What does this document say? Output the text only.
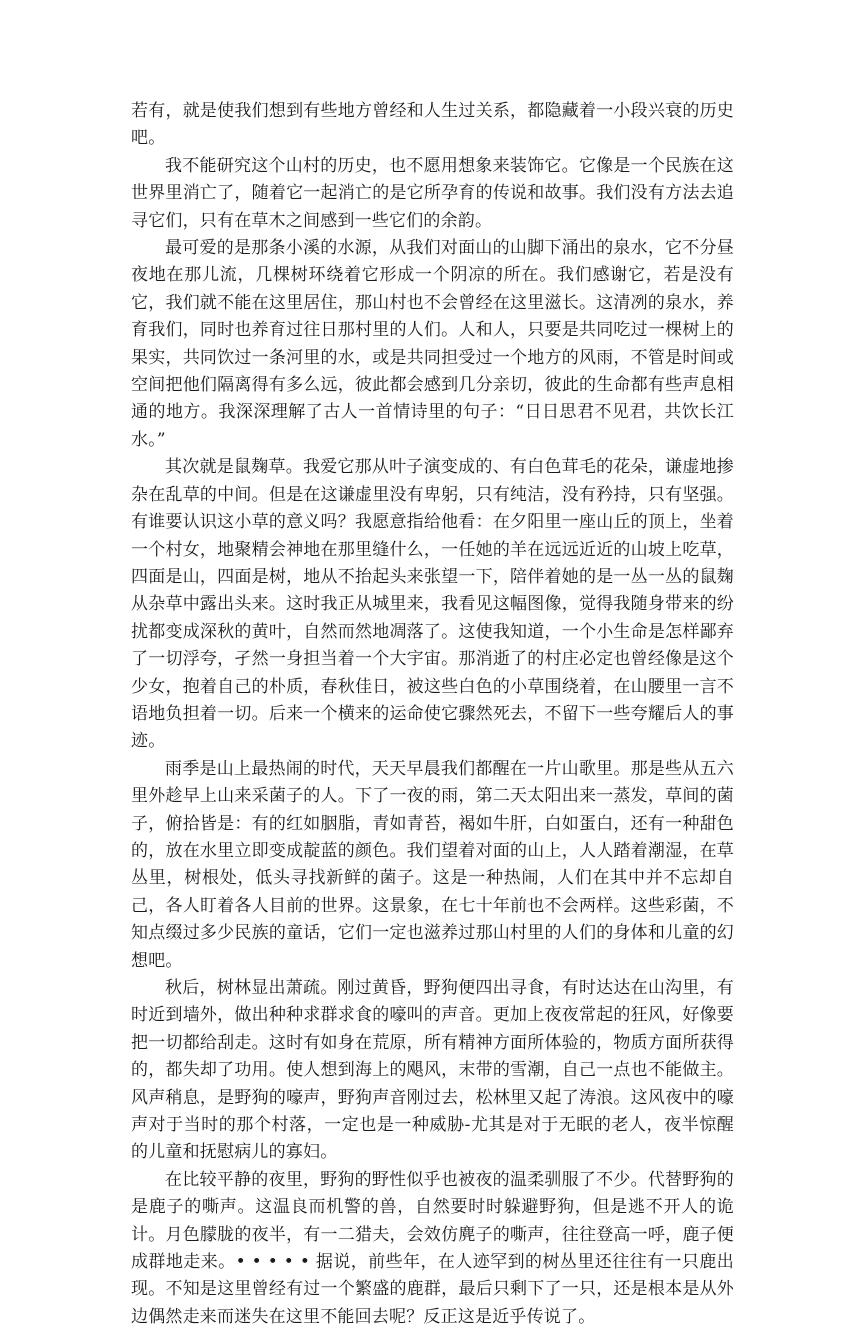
若有，就是使我们想到有些地方曾经和人生过关系，都隐藏着一小段兴衰的历史吧。

我不能研究这个山村的历史，也不愿用想象来装饰它。它像是一个民族在这世界里消亡了，随着它一起消亡的是它所孕育的传说和故事。我们没有方法去追寻它们，只有在草木之间感到一些它们的余韵。

最可爱的是那条小溪的水源，从我们对面山的山脚下涌出的泉水，它不分昼夜地在那儿流，几棵树环绕着它形成一个阴凉的所在。我们感谢它，若是没有它，我们就不能在这里居住，那山村也不会曾经在这里滋长。这清冽的泉水，养育我们，同时也养育过往日那村里的人们。人和人，只要是共同吃过一棵树上的果实，共同饮过一条河里的水，或是共同担受过一个地方的风雨，不管是时间或空间把他们隔离得有多么远，彼此都会感到几分亲切，彼此的生命都有些声息相通的地方。我深深理解了古人一首情诗里的句子：“日日思君不见君，共饮长江水。”

其次就是鼠麹草。我爱它那从叶子演变成的、有白色茸毛的花朵，谦虚地掺杂在乱草的中间。但是在这谦虚里没有卑躬，只有纯洁，没有矜持，只有坚强。有谁要认识这小草的意义吗？我愿意指给他看：在夕阳里一座山丘的顶上，坐着一个村女，地聚精会神地在那里缝什么，一任她的羊在远远近近的山坡上吃草，四面是山，四面是树，地从不抬起头来张望一下，陪伴着她的是一丛一丛的鼠麹从杂草中露出头来。这时我正从城里来，我看见这幅图像，觉得我随身带来的纷扰都变成深秋的黄叶，自然而然地凋落了。这使我知道，一个小生命是怎样鄙弃了一切浮夸，孑然一身担当着一个大宇宙。那消逝了的村庄必定也曾经像是这个少女，抱着自己的朴质，春秋佳日，被这些白色的小草围绕着，在山腰里一言不语地负担着一切。后来一个横来的运命使它骤然死去，不留下一些夸耀后人的事迹。

雨季是山上最热闹的时代，天天早晨我们都醒在一片山歌里。那是些从五六里外趁早上山来采菌子的人。下了一夜的雨，第二天太阳出来一蒸发，草间的菌子，俯拾皆是：有的红如胭脂，青如青苔，褐如牛肝，白如蛋白，还有一种甜色的，放在水里立即变成靛蓝的颜色。我们望着对面的山上，人人踏着潮湿，在草丛里，树根处，低头寻找新鲜的菌子。这是一种热闹，人们在其中并不忘却自己，各人盯着各人目前的世界。这景象，在七十年前也不会两样。这些彩菌，不知点缀过多少民族的童话，它们一定也滋养过那山村里的人们的身体和儿童的幻想吧。

秋后，树林显出萧疏。刚过黄昏，野狗便四出寻食，有时达达在山沟里，有时近到墙外，做出种种求群求食的嚎叫的声音。更加上夜夜常起的狂风，好像要把一切都给刮走。这时有如身在荒原，所有精神方面所体验的，物质方面所获得的，都失却了功用。使人想到海上的飓风，末带的雪潮，自己一点也不能做主。风声稍息，是野狗的嚎声，野狗声音刚过去，松林里又起了涛浪。这风夜中的嚎声对于当时的那个村落，一定也是一种威胁-尤其是对于无眠的老人，夜半惊醒的儿童和抚慰病儿的寡妇。

在比较平静的夜里，野狗的野性似乎也被夜的温柔驯服了不少。代替野狗的是鹿子的嘶声。这温良而机警的兽，自然要时时躲避野狗，但是逃不开人的诡计。月色朦胧的夜半，有一二猎夫，会效仿麂子的嘶声，往往登高一呼，鹿子便成群地走来。• • • • • 据说，前些年，在人迹罕到的树丛里还往往有一只鹿出现。不知是这里曾经有过一个繁盛的鹿群，最后只剩下了一只，还是根本是从外边偶然走来而迷失在这里不能回去呢？反正这是近乎传说了。
